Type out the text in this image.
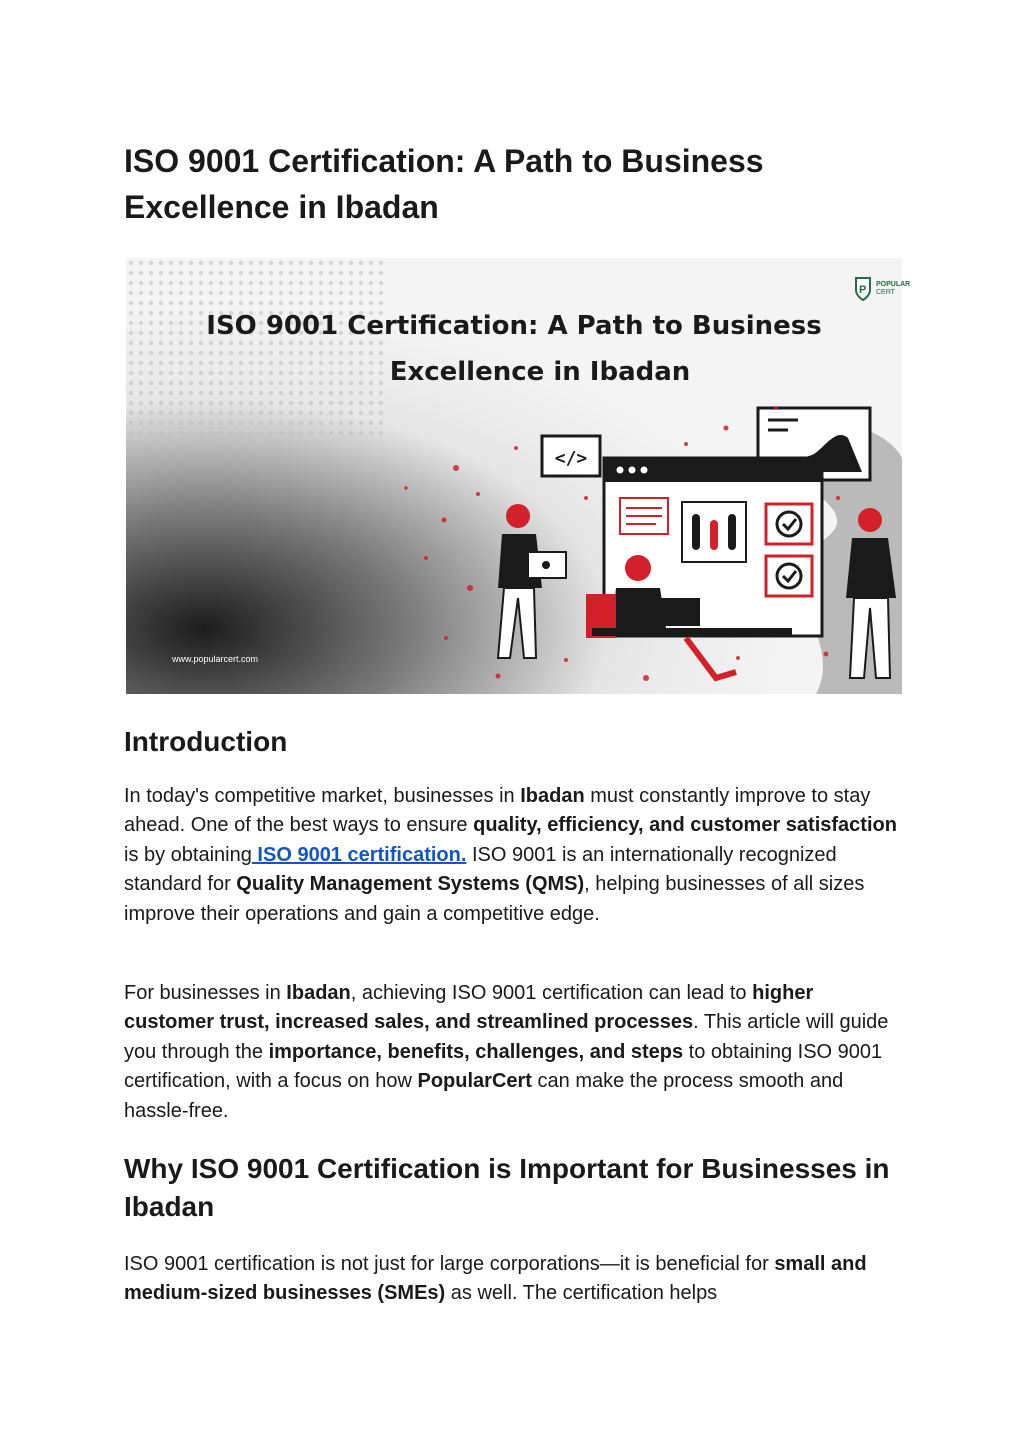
ISO 9001 Certification: A Path to Business Excellence in Ibadan
P POPULAR
CERT
ISO 9001 Certification: A Path to Business
Excellence in Ibadan
</>
www.popularcert.com
Introduction

In today's competitive market, businesses in Ibadan must constantly improve to stay ahead. One of the best ways to ensure quality, efficiency, and customer satisfaction is by obtaining ISO 9001 certification. ISO 9001 is an internationally recognized standard for Quality Management Systems (QMS), helping businesses of all sizes improve their operations and gain a competitive edge.

For businesses in Ibadan, achieving ISO 9001 certification can lead to higher customer trust, increased sales, and streamlined processes. This article will guide you through the importance, benefits, challenges, and steps to obtaining ISO 9001 certification, with a focus on how PopularCert can make the process smooth and hassle-free.

Why ISO 9001 Certification is Important for Businesses in Ibadan

ISO 9001 certification is not just for large corporations—it is beneficial for small and medium-sized businesses (SMEs) as well. The certification helps
